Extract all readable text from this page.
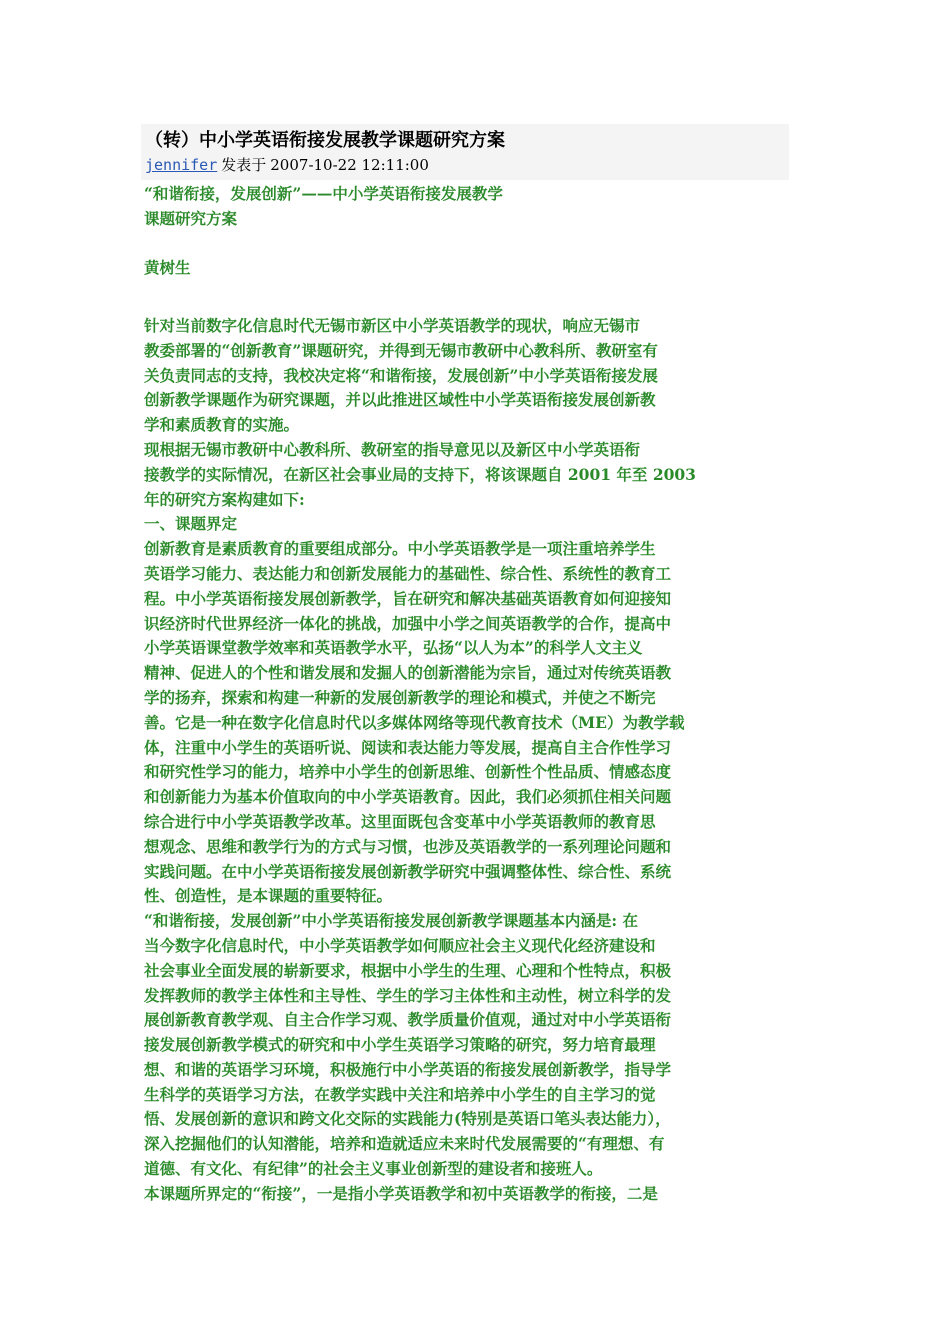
（转）中小学英语衔接发展教学课题研究方案
jennifer 发表于 2007-10-22 12:11:00

“和谐衔接，发展创新”——中小学英语衔接发展教学

课题研究方案

黄树生

针对当前数字化信息时代无锡市新区中小学英语教学的现状，响应无锡市

教委部署的“创新教育”课题研究，并得到无锡市教研中心教科所、教研室有

关负责同志的支持，我校决定将“和谐衔接，发展创新”中小学英语衔接发展

创新教学课题作为研究课题，并以此推进区域性中小学英语衔接发展创新教

学和素质教育的实施。

现根据无锡市教研中心教科所、教研室的指导意见以及新区中小学英语衔

接教学的实际情况，在新区社会事业局的支持下，将该课题自 2001 年至 2003

年的研究方案构建如下:

一、课题界定

创新教育是素质教育的重要组成部分。中小学英语教学是一项注重培养学生

英语学习能力、表达能力和创新发展能力的基础性、综合性、系统性的教育工

程。中小学英语衔接发展创新教学，旨在研究和解决基础英语教育如何迎接知

识经济时代世界经济一体化的挑战，加强中小学之间英语教学的合作，提高中

小学英语课堂教学效率和英语教学水平，弘扬“以人为本”的科学人文主义

精神、促进人的个性和谐发展和发掘人的创新潜能为宗旨，通过对传统英语教

学的扬弃，探索和构建一种新的发展创新教学的理论和模式，并使之不断完

善。它是一种在数字化信息时代以多媒体网络等现代教育技术（ME）为教学载

体，注重中小学生的英语听说、阅读和表达能力等发展，提高自主合作性学习

和研究性学习的能力，培养中小学生的创新思维、创新性个性品质、情感态度

和创新能力为基本价值取向的中小学英语教育。因此，我们必须抓住相关问题

综合进行中小学英语教学改革。这里面既包含变革中小学英语教师的教育思

想观念、思维和教学行为的方式与习惯，也涉及英语教学的一系列理论问题和

实践问题。在中小学英语衔接发展创新教学研究中强调整体性、综合性、系统

性、创造性，是本课题的重要特征。

“和谐衔接，发展创新”中小学英语衔接发展创新教学课题基本内涵是: 在

当今数字化信息时代，中小学英语教学如何顺应社会主义现代化经济建设和

社会事业全面发展的崭新要求，根据中小学生的生理、心理和个性特点，积极

发挥教师的教学主体性和主导性、学生的学习主体性和主动性，树立科学的发

展创新教育教学观、自主合作学习观、教学质量价值观，通过对中小学英语衔

接发展创新教学模式的研究和中小学生英语学习策略的研究，努力培育最理

想、和谐的英语学习环境，积极施行中小学英语的衔接发展创新教学，指导学

生科学的英语学习方法，在教学实践中关注和培养中小学生的自主学习的觉

悟、发展创新的意识和跨文化交际的实践能力(特别是英语口笔头表达能力），

深入挖掘他们的认知潜能，培养和造就适应未来时代发展需要的“有理想、有

道德、有文化、有纪律”的社会主义事业创新型的建设者和接班人。

本课题所界定的“衔接”，一是指小学英语教学和初中英语教学的衔接，二是
